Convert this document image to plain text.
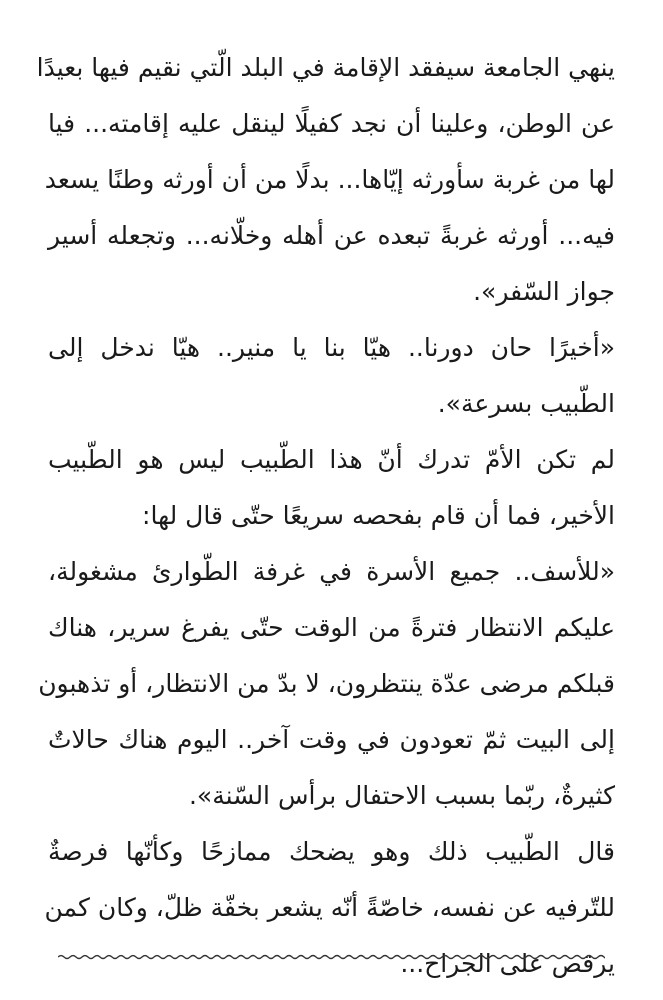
ينهي الجامعة سيفقد الإقامة في البلد الّتي نقيم فيها بعيدًا
عن الوطن، وعلينا أن نجد كفيلًا لينقل عليه إقامته... فيا
لها من غربة سأورثه إيّاها... بدلًا من أن أورثه وطنًا يسعد
فيه... أورثه غربةً تبعده عن أهله وخلّانه... وتجعله أسير
جواز السّفر».
«أخيرًا حان دورنا.. هيّا بنا يا منير.. هيّا ندخل إلى
الطّبيب بسرعة».
لم تكن الأمّ تدرك أنّ هذا الطّبيب ليس هو الطّبيب
الأخير، فما أن قام بفحصه سريعًا حتّى قال لها:
«للأسف.. جميع الأسرة في غرفة الطّوارئ مشغولة،
عليكم الانتظار فترةً من الوقت حتّى يفرغ سرير، هناك
قبلكم مرضى عدّة ينتظرون، لا بدّ من الانتظار، أو تذهبون
إلى البيت ثمّ تعودون في وقت آخر.. اليوم هناك حالاتٌ
كثيرةٌ، ربّما بسبب الاحتفال برأس السّنة».
قال الطّبيب ذلك وهو يضحك ممازحًا وكأنّها فرصةٌ
للتّرفيه عن نفسه، خاصّةً أنّه يشعر بخفّة ظلّ، وكان كمن
يرقص على الجراح...
